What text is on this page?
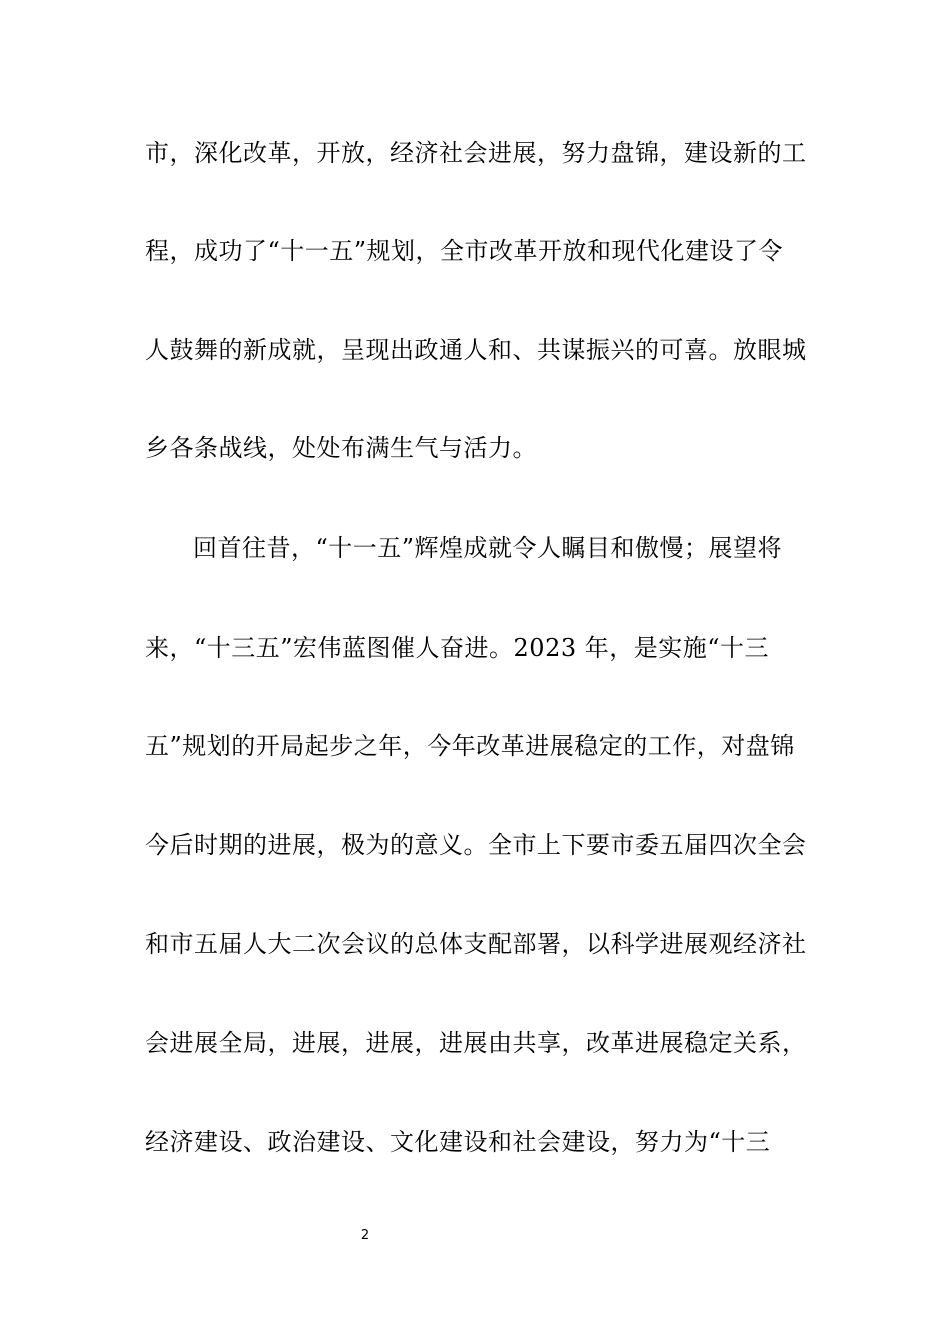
市，深化改革，开放，经济社会进展，努力盘锦，建设新的工
程，成功了“十一五”规划，全市改革开放和现代化建设了令
人鼓舞的新成就，呈现出政通人和、共谋振兴的可喜。放眼城
乡各条战线，处处布满生气与活力。
回首往昔，“十一五”辉煌成就令人瞩目和傲慢；展望将
来，“十三五”宏伟蓝图催人奋进。2023 年，是实施“十三
五”规划的开局起步之年，今年改革进展稳定的工作，对盘锦
今后时期的进展，极为的意义。全市上下要市委五届四次全会
和市五届人大二次会议的总体支配部署，以科学进展观经济社
会进展全局，进展，进展，进展由共享，改革进展稳定关系，
经济建设、政治建设、文化建设和社会建设，努力为“十三
2
